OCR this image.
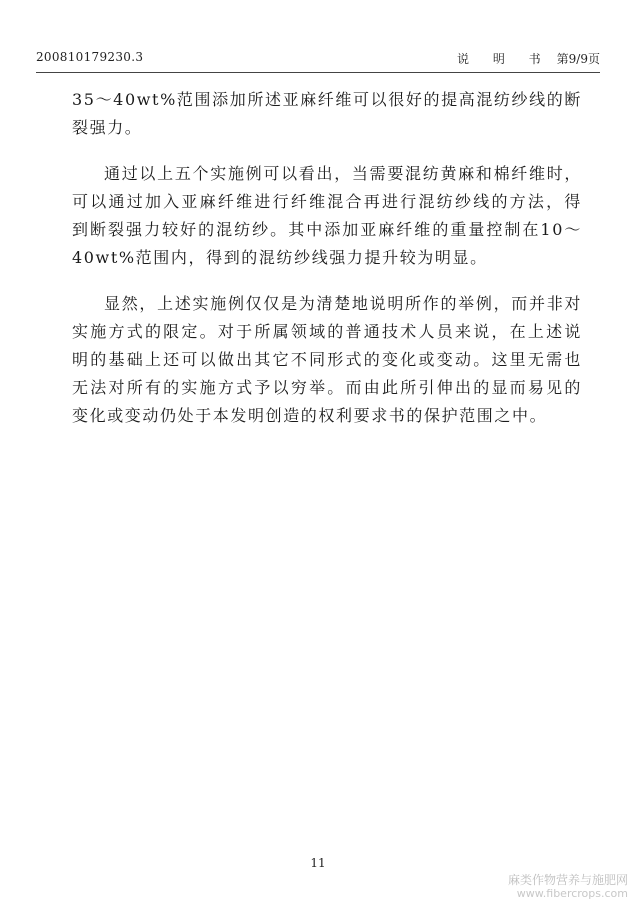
200810179230.3	说 明 书 第9/9页

35～40wt%范围添加所述亚麻纤维可以很好的提高混纺纱线的断裂强力。

通过以上五个实施例可以看出，当需要混纺黄麻和棉纤维时，可以通过加入亚麻纤维进行纤维混合再进行混纺纱线的方法，得到断裂强力较好的混纺纱。其中添加亚麻纤维的重量控制在10～40wt%范围内，得到的混纺纱线强力提升较为明显。

显然，上述实施例仅仅是为清楚地说明所作的举例，而并非对实施方式的限定。对于所属领域的普通技术人员来说，在上述说明的基础上还可以做出其它不同形式的变化或变动。这里无需也无法对所有的实施方式予以穷举。而由此所引伸出的显而易见的变化或变动仍处于本发明创造的权利要求书的保护范围之中。

11
麻类作物营养与施肥网
www.fibercrops.com
